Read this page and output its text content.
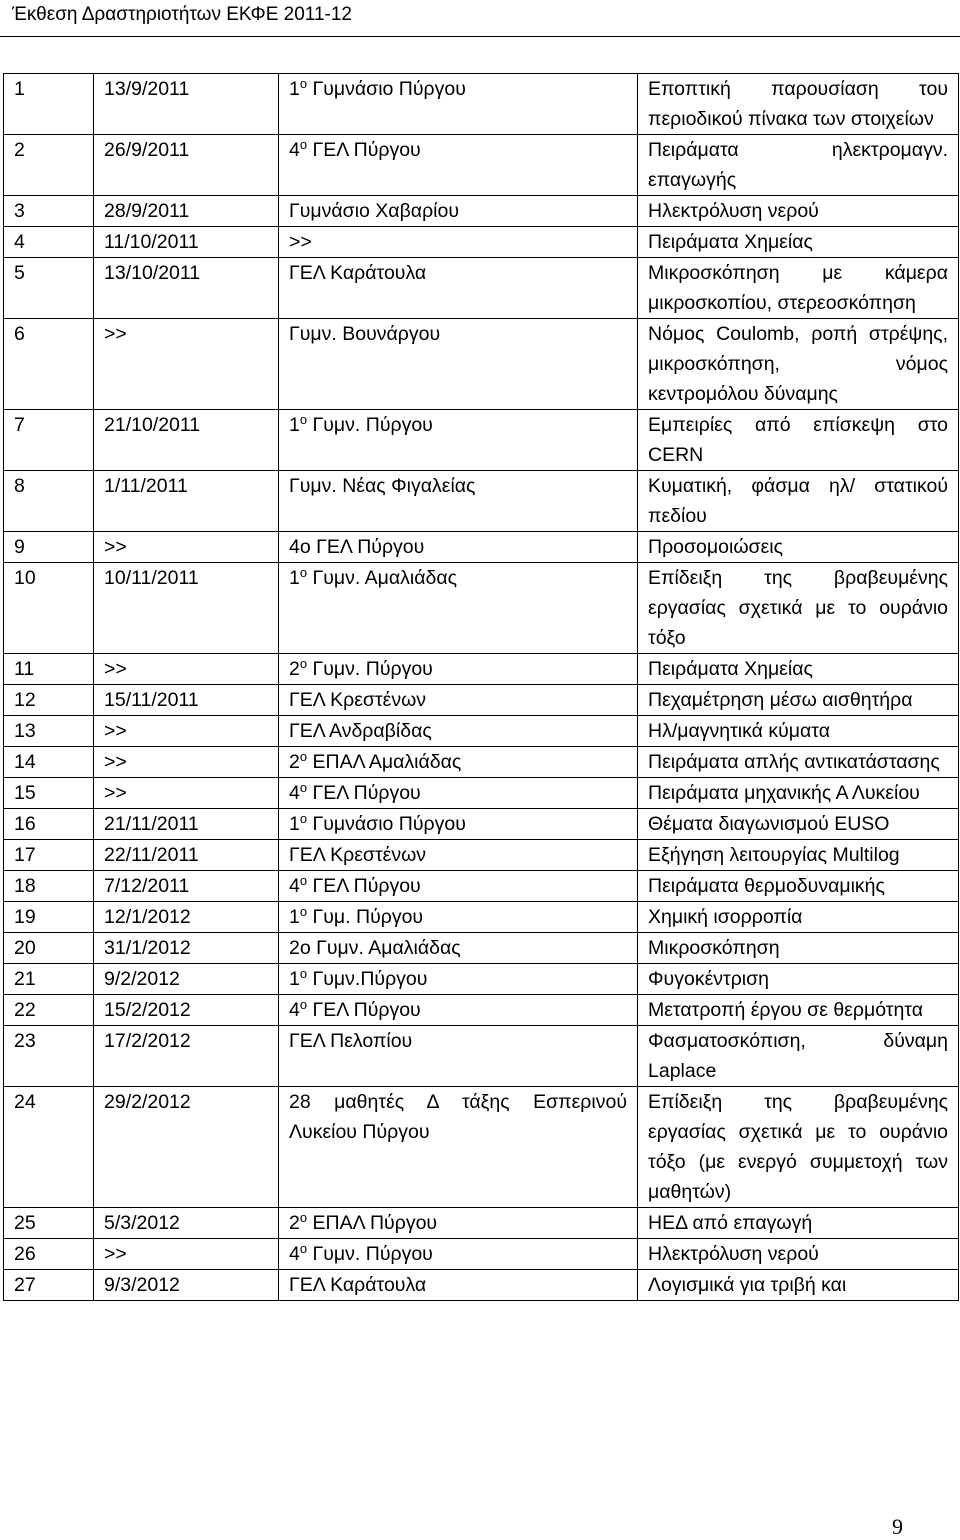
Έκθεση Δραστηριοτήτων ΕΚΦΕ 2011-12
1	13/9/2011	$1^o$ Γυμνάσιο Πύργου	Εποπτική παρουσίαση του περιοδικού πίνακα των στοιχείων
2	26/9/2011	$4^o$ ΓΕΛ Πύργου	Πειράματα ηλεκτρομαγν. επαγωγής
3	28/9/2011	Γυμνάσιο Χαβαρίου	Ηλεκτρόλυση νερού
4	11/10/2011	>>	Πειράματα Χημείας
5	13/10/2011	ΓΕΛ Καράτουλα	Μικροσκόπηση με κάμερα μικροσκοπίου, στερεοσκόπηση
6	>>	Γυμν. Βουνάργου	Νόμος Coulomb, ροπή στρέψης, μικροσκόπηση, νόμος κεντρομόλου δύναμης
7	21/10/2011	$1^o$ Γυμν. Πύργου	Εμπειρίες από επίσκεψη στο CERN
8	1/11/2011	Γυμν. Νέας Φιγαλείας	Κυματική, φάσμα ηλ/ στατικού πεδίου
9	>>	4ο ΓΕΛ Πύργου	Προσομοιώσεις
10	10/11/2011	$1^o$ Γυμν. Αμαλιάδας	Επίδειξη της βραβευμένης εργασίας σχετικά με το ουράνιο τόξο
11	>>	$2^o$ Γυμν. Πύργου	Πειράματα Χημείας
12	15/11/2011	ΓΕΛ Κρεστένων	Πεχαμέτρηση μέσω αισθητήρα
13	>>	ΓΕΛ Ανδραβίδας	Ηλ/μαγνητικά κύματα
14	>>	$2^o$ ΕΠΑΛ Αμαλιάδας	Πειράματα απλής αντικατάστασης
15	>>	$4^o$ ΓΕΛ Πύργου	Πειράματα μηχανικής Α Λυκείου
16	21/11/2011	$1^o$ Γυμνάσιο Πύργου	Θέματα διαγωνισμού EUSO
17	22/11/2011	ΓΕΛ Κρεστένων	Εξήγηση λειτουργίας Multilog
18	7/12/2011	$4^o$ ΓΕΛ Πύργου	Πειράματα θερμοδυναμικής
19	12/1/2012	$1^o$ Γυμ. Πύργου	Χημική ισορροπία
20	31/1/2012	2ο Γυμν. Αμαλιάδας	Μικροσκόπηση
21	9/2/2012	$1^o$ Γυμν.Πύργου	Φυγοκέντριση
22	15/2/2012	$4^o$ ΓΕΛ Πύργου	Μετατροπή έργου σε θερμότητα
23	17/2/2012	ΓΕΛ Πελοπίου	Φασματοσκόπιση, δύναμη Laplace
24	29/2/2012	28 μαθητές Δ τάξης Εσπερινού Λυκείου Πύργου	Επίδειξη της βραβευμένης εργασίας σχετικά με το ουράνιο τόξο (με ενεργό συμμετοχή των μαθητών)
25	5/3/2012	$2^o$ ΕΠΑΛ Πύργου	ΗΕΔ από επαγωγή
26	>>	$4^o$ Γυμν. Πύργου	Ηλεκτρόλυση νερού
27	9/3/2012	ΓΕΛ Καράτουλα	Λογισμικά για τριβή και
9
